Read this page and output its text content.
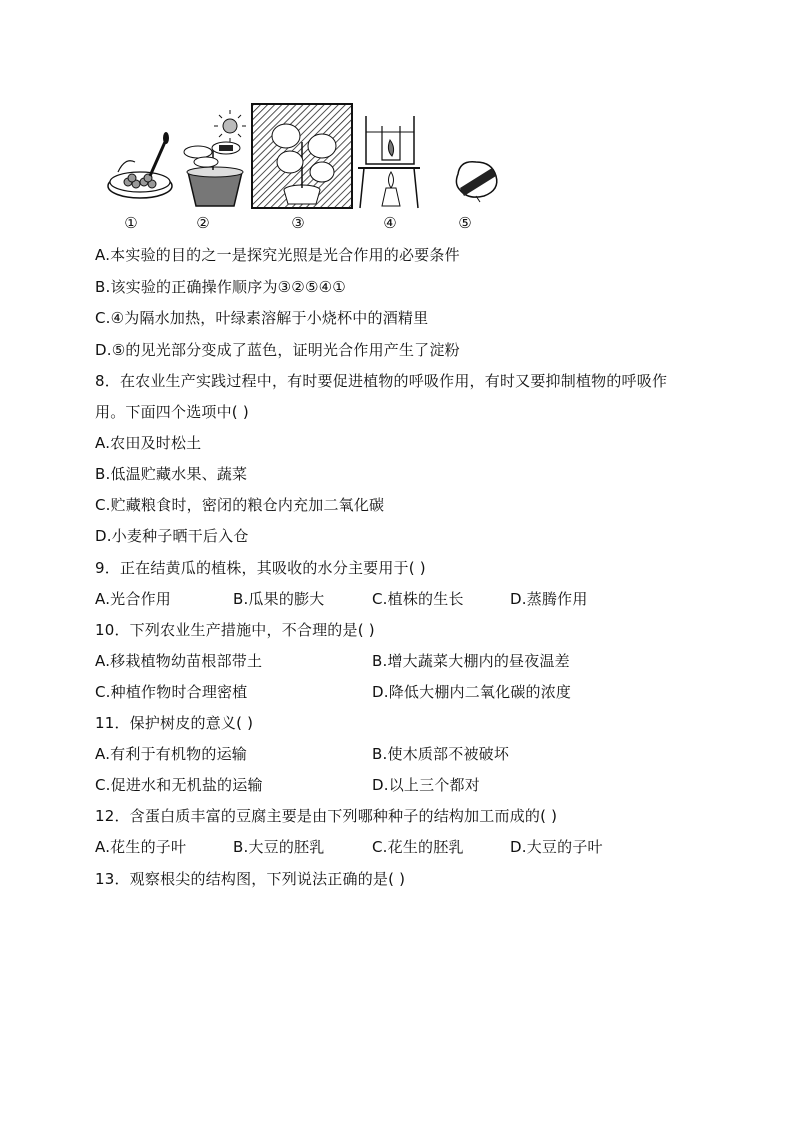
①	②	③	④	⑤
A.本实验的目的之一是探究光照是光合作用的必要条件
B.该实验的正确操作顺序为③②⑤④①
C.④为隔水加热，叶绿素溶解于小烧杯中的酒精里
D.⑤的见光部分变成了蓝色，证明光合作用产生了淀粉
8．在农业生产实践过程中，有时要促进植物的呼吸作用，有时又要抑制植物的呼吸作
用。下面四个选项中( )
A.农田及时松土
B.低温贮藏水果、蔬菜
C.贮藏粮食时，密闭的粮仓内充加二氧化碳
D.小麦种子晒干后入仓
9．正在结黄瓜的植株，其吸收的水分主要用于( )
A.光合作用	B.瓜果的膨大	C.植株的生长	D.蒸腾作用
10．下列农业生产措施中，不合理的是( )
A.移栽植物幼苗根部带土	B.增大蔬菜大棚内的昼夜温差
C.种植作物时合理密植	D.降低大棚内二氧化碳的浓度
11．保护树皮的意义( )
A.有利于有机物的运输	B.使木质部不被破坏
C.促进水和无机盐的运输	D.以上三个都对
12．含蛋白质丰富的豆腐主要是由下列哪种种子的结构加工而成的( )
A.花生的子叶	B.大豆的胚乳	C.花生的胚乳	D.大豆的子叶
13．观察根尖的结构图，下列说法正确的是( )
